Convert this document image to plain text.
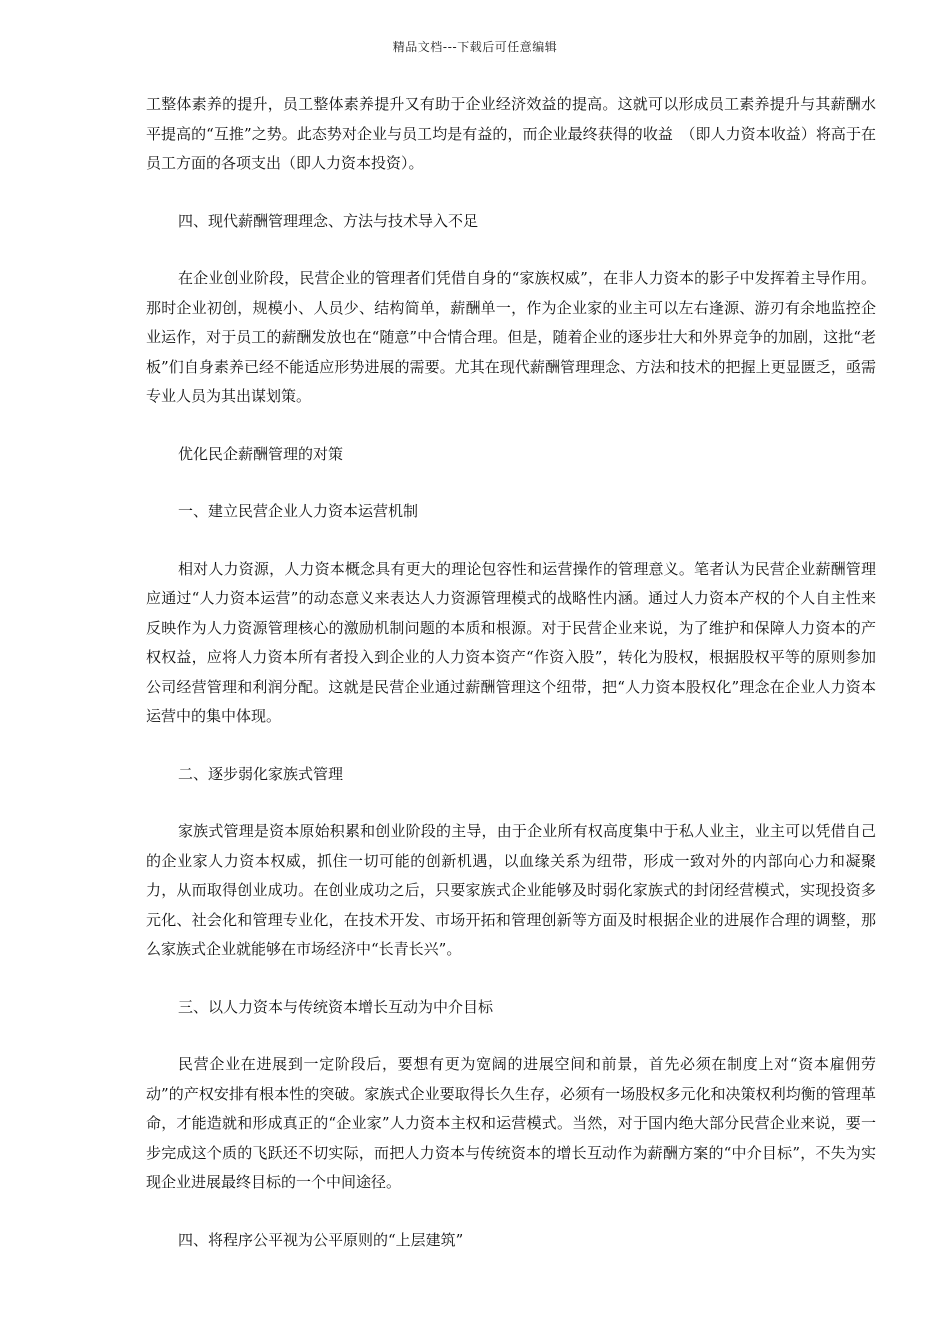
精品文档---下载后可任意编辑

工整体素养的提升，员工整体素养提升又有助于企业经济效益的提高。这就可以形成员工素养提升与其薪酬水平提高的“互推”之势。此态势对企业与员工均是有益的，而企业最终获得的收益　（即人力资本收益）将高于在员工方面的各项支出（即人力资本投资）。

四、现代薪酬管理理念、方法与技术导入不足

在企业创业阶段，民营企业的管理者们凭借自身的“家族权威”，在非人力资本的影子中发挥着主导作用。那时企业初创，规模小、人员少、结构简单，薪酬单一，作为企业家的业主可以左右逢源、游刃有余地监控企业运作，对于员工的薪酬发放也在“随意”中合情合理。但是，随着企业的逐步壮大和外界竞争的加剧，这批“老板”们自身素养已经不能适应形势进展的需要。尤其在现代薪酬管理理念、方法和技术的把握上更显匮乏，亟需专业人员为其出谋划策。

优化民企薪酬管理的对策

一、建立民营企业人力资本运营机制

相对人力资源，人力资本概念具有更大的理论包容性和运营操作的管理意义。笔者认为民营企业薪酬管理应通过“人力资本运营”的动态意义来表达人力资源管理模式的战略性内涵。通过人力资本产权的个人自主性来反映作为人力资源管理核心的激励机制问题的本质和根源。对于民营企业来说，为了维护和保障人力资本的产权权益，应将人力资本所有者投入到企业的人力资本资产“作资入股”，转化为股权，根据股权平等的原则参加公司经营管理和利润分配。这就是民营企业通过薪酬管理这个纽带，把“人力资本股权化”理念在企业人力资本运营中的集中体现。

二、逐步弱化家族式管理

家族式管理是资本原始积累和创业阶段的主导，由于企业所有权高度集中于私人业主，业主可以凭借自己的企业家人力资本权威，抓住一切可能的创新机遇，以血缘关系为纽带，形成一致对外的内部向心力和凝聚力，从而取得创业成功。在创业成功之后，只要家族式企业能够及时弱化家族式的封闭经营模式，实现投资多元化、社会化和管理专业化，在技术开发、市场开拓和管理创新等方面及时根据企业的进展作合理的调整，那么家族式企业就能够在市场经济中“长青长兴”。

三、以人力资本与传统资本增长互动为中介目标

民营企业在进展到一定阶段后，要想有更为宽阔的进展空间和前景，首先必须在制度上对“资本雇佣劳动”的产权安排有根本性的突破。家族式企业要取得长久生存，必须有一场股权多元化和决策权利均衡的管理革命，才能造就和形成真正的“企业家”人力资本主权和运营模式。当然，对于国内绝大部分民营企业来说，要一步完成这个质的飞跃还不切实际，而把人力资本与传统资本的增长互动作为薪酬方案的“中介目标”，不失为实现企业进展最终目标的一个中间途径。

四、将程序公平视为公平原则的“上层建筑”
